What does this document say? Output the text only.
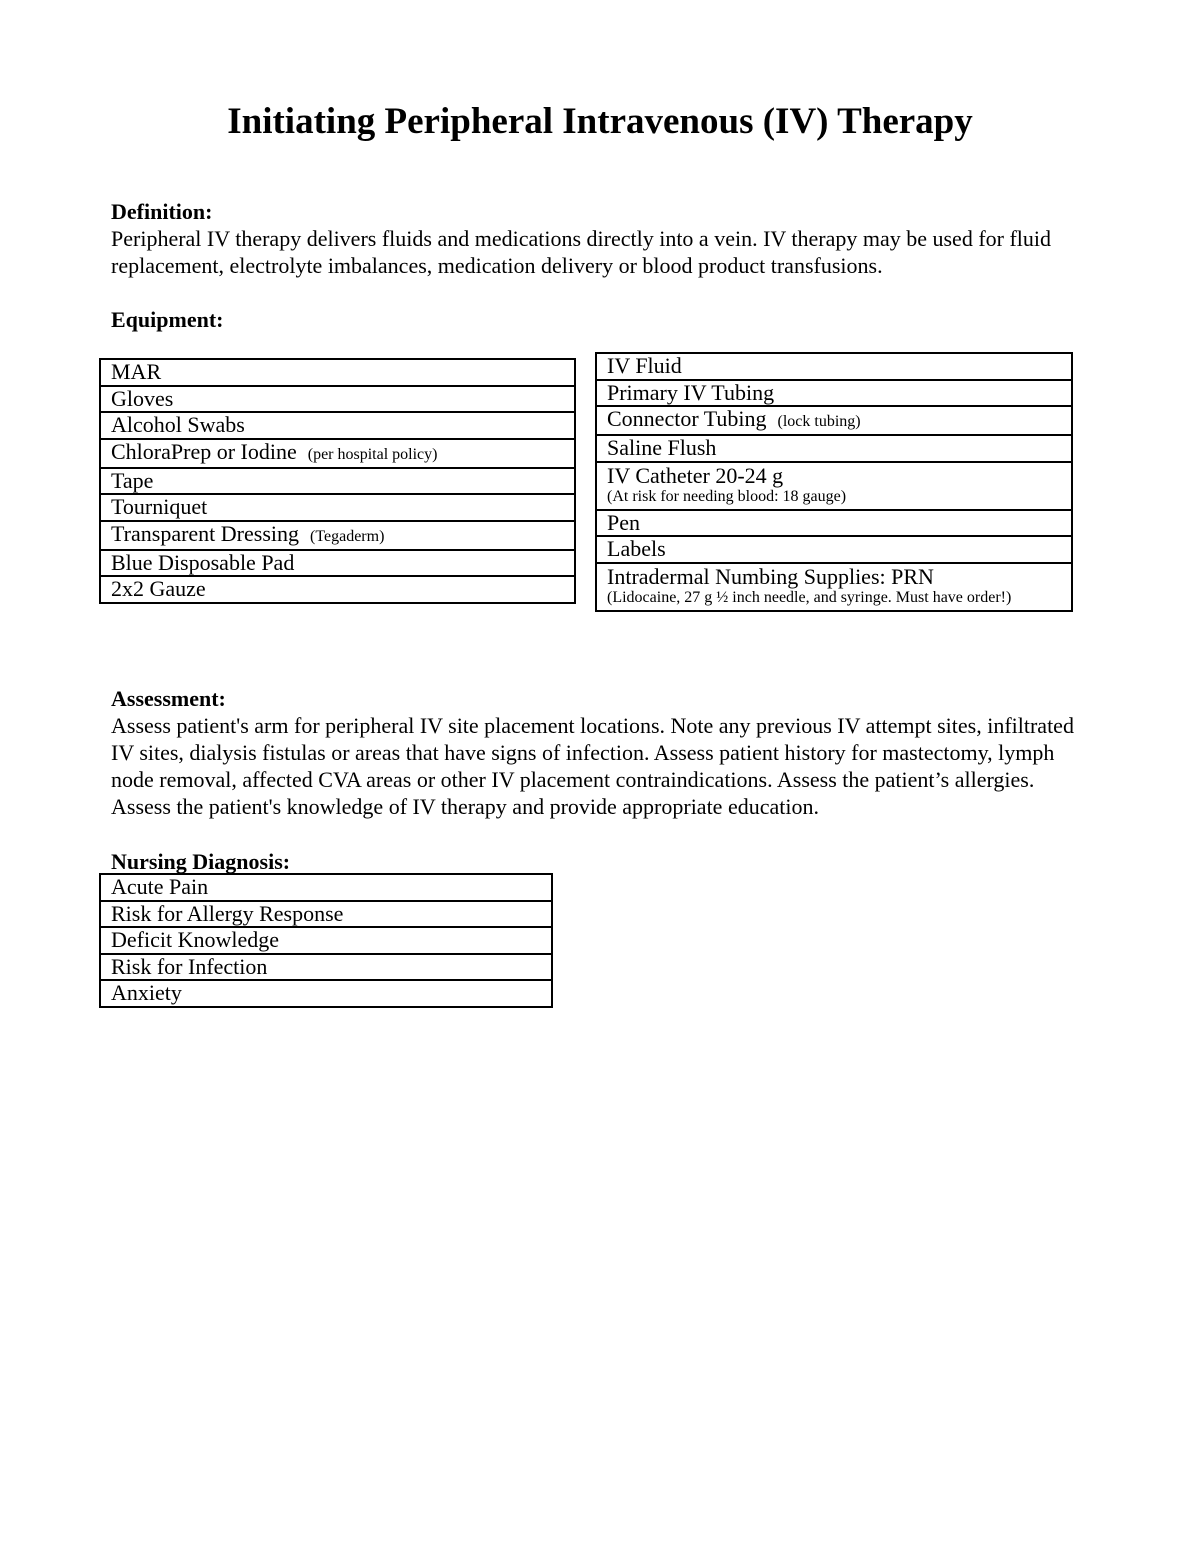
Initiating Peripheral Intravenous (IV) Therapy

Definition:

Peripheral IV therapy delivers fluids and medications directly into a vein. IV therapy may be used for fluid replacement, electrolyte imbalances, medication delivery or blood product transfusions.

Equipment:

MAR
Gloves
Alcohol Swabs
ChloraPrep or Iodine (per hospital policy)
Tape
Tourniquet
Transparent Dressing (Tegaderm)
Blue Disposable Pad
2x2 Gauze
IV Fluid
Primary IV Tubing
Connector Tubing (lock tubing)
Saline Flush
IV Catheter 20-24 g
(At risk for needing blood: 18 gauge)

Pen
Labels
Intradermal Numbing Supplies: PRN
(Lidocaine, 27 g ½ inch needle, and syringe. Must have order!)

Assessment:

Assess patient's arm for peripheral IV site placement locations. Note any previous IV attempt sites, infiltrated IV sites, dialysis fistulas or areas that have signs of infection. Assess patient history for mastectomy, lymph node removal, affected CVA areas or other IV placement contraindications. Assess the patient’s allergies. Assess the patient's knowledge of IV therapy and provide appropriate education.

Nursing Diagnosis:

Acute Pain
Risk for Allergy Response
Deficit Knowledge
Risk for Infection
Anxiety
